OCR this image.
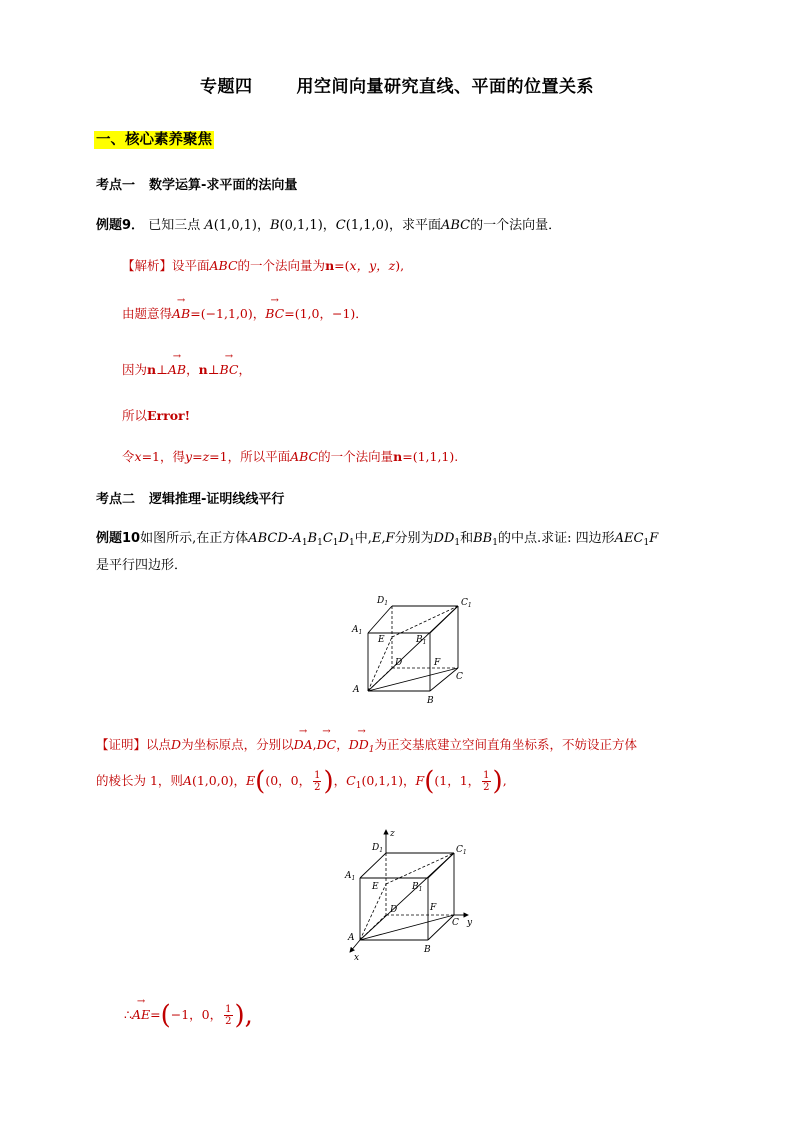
专题四	用空间向量研究直线、平面的位置关系
一、核心素养聚焦
考点一 数学运算-求平面的法向量
例题9． 已知三点 A(1,0,1)，B(0,1,1)，C(1,1,0)，求平面ABC的一个法向量．
【解析】设平面ABC的一个法向量为n=(x，y，z),
由题意得→ AB=(−1,1,0)，→ BC=(1,0，−1)．
因为n⊥→ AB，n⊥→ BC，
所以Error!
令x=1，得y=z=1，所以平面ABC的一个法向量n=(1,1,1).
考点二 逻辑推理-证明线线平行
例题10如图所示,在正方体ABCD-$A_1B_1C_1D_1$中,E,F分别为$DD_1$和$BB_1$的中点.求证: 四边形$AEC_1F$
是平行四边形．
$D_1$	$C_1$
$A_1$
E	$B_1$
D	F
A
C
B
【证明】以点D为坐标原点，分别以→ DA,→ DC，→ $DD_1$为正交基底建立空间直角坐标系，不妨设正方体
的棱长为 1，则A(1,0,0)，E((0，0， $\frac{1}{2}$ )，$C_1(0,1,1)$，F((1，1， $\frac{1}{2}$ ),
z
y
x
$D_1$	$C_1$
$A_1$
E	$B_1$
D	F
A
C
B
∴→ AE=(−1，0， $\frac{1}{2}$ ),
